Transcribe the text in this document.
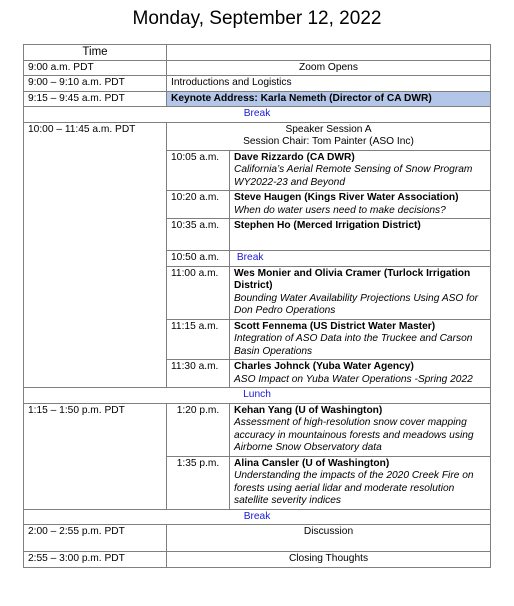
Monday, September 12, 2022
Time		
9:00 a.m. PDT	Zoom Opens	
9:00 – 9:10 a.m. PDT	Introductions and Logistics	
9:15 – 9:45 a.m. PDT	Keynote Address: Karla Nemeth (Director of CA DWR)	
Break		
10:00 – 11:45 a.m. PDT	Speaker Session A
Session Chair: Tom Painter (ASO Inc)	

	10:05 a.m.	Dave Rizzardo (CA DWR)
California’s Aerial Remote Sensing of Snow Program WY2022-23 and Beyond

	10:20 a.m.	Steve Haugen (Kings River Water Association)
When do water users need to make decisions?

	10:35 a.m.	Stephen Ho (Merced Irrigation District)

	10:50 a.m.	Break
	11:00 a.m.	Wes Monier and Olivia Cramer (Turlock Irrigation District)
Bounding Water Availability Projections Using ASO for Don Pedro Operations

	11:15 a.m.	Scott Fennema (US District Water Master)
Integration of ASO Data into the Truckee and Carson Basin Operations

	11:30 a.m.	Charles Johnck (Yuba Water Agency)
ASO Impact on Yuba Water Operations -Spring 2022

Lunch		
1:15 – 1:50 p.m. PDT	1:20 p.m.	Kehan Yang (U of Washington)
Assessment of high-resolution snow cover mapping accuracy in mountainous forests and meadows using Airborne Snow Observatory data

	1:35 p.m.	Alina Cansler (U of Washington)
Understanding the impacts of the 2020 Creek Fire on forests using aerial lidar and moderate resolution satellite severity indices

Break		
2:00 – 2:55 p.m. PDT	Discussion	
2:55 – 3:00 p.m. PDT	Closing Thoughts	
